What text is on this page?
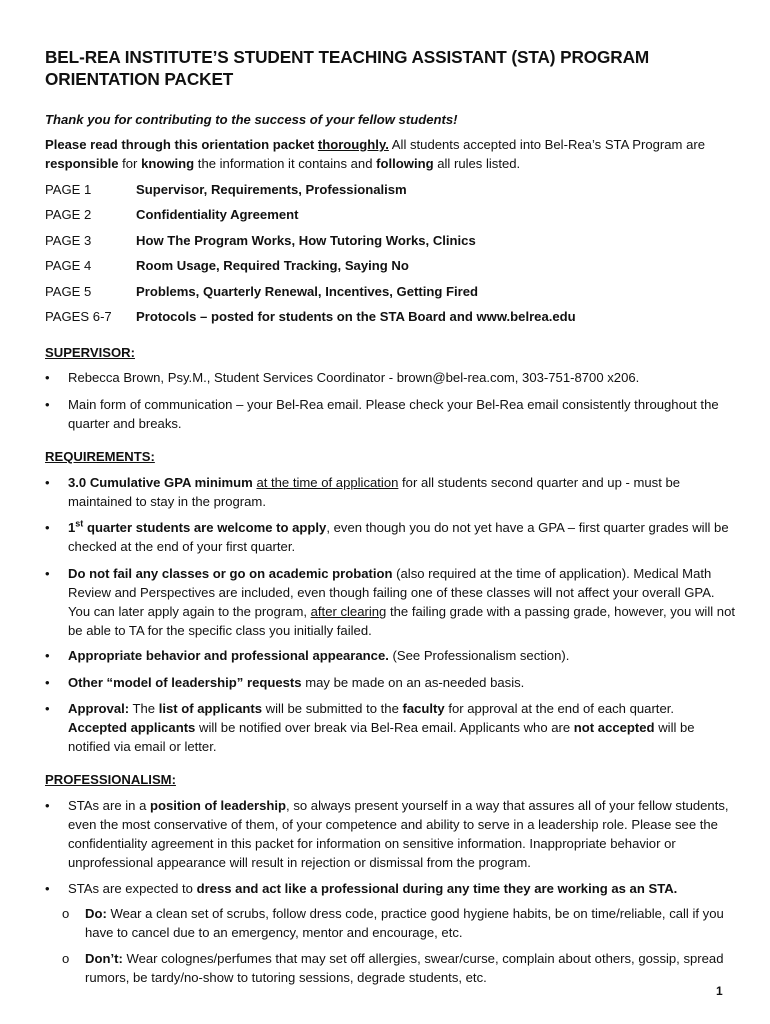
BEL-REA INSTITUTE’S STUDENT TEACHING ASSISTANT (STA) PROGRAM
ORIENTATION PACKET
Thank you for contributing to the success of your fellow students!
Please read through this orientation packet thoroughly. All students accepted into Bel-Rea’s STA Program are responsible for knowing the information it contains and following all rules listed.
PAGE 1	Supervisor, Requirements, Professionalism
PAGE 2	Confidentiality Agreement
PAGE 3	How The Program Works, How Tutoring Works, Clinics
PAGE 4	Room Usage, Required Tracking, Saying No
PAGE 5	Problems, Quarterly Renewal, Incentives, Getting Fired
PAGES 6-7 Protocols – posted for students on the STA Board and www.belrea.edu
SUPERVISOR:
•	Rebecca Brown, Psy.M., Student Services Coordinator - brown@bel-rea.com, 303-751-8700 x206.
•	Main form of communication – your Bel-Rea email. Please check your Bel-Rea email consistently throughout the quarter and breaks.
REQUIREMENTS:
•	3.0 Cumulative GPA minimum at the time of application for all students second quarter and up - must be maintained to stay in the program.
•	1st quarter students are welcome to apply, even though you do not yet have a GPA – first quarter grades will be checked at the end of your first quarter.
•	Do not fail any classes or go on academic probation (also required at the time of application). Medical Math Review and Perspectives are included, even though failing one of these classes will not affect your overall GPA. You can later apply again to the program, after clearing the failing grade with a passing grade, however, you will not be able to TA for the specific class you initially failed.
•	Appropriate behavior and professional appearance. (See Professionalism section).
•	Other “model of leadership” requests may be made on an as-needed basis.
•	Approval: The list of applicants will be submitted to the faculty for approval at the end of each quarter. Accepted applicants will be notified over break via Bel-Rea email. Applicants who are not accepted will be notified via email or letter.
PROFESSIONALISM:
•	STAs are in a position of leadership, so always present yourself in a way that assures all of your fellow students, even the most conservative of them, of your competence and ability to serve in a leadership role. Please see the confidentiality agreement in this packet for information on sensitive information. Inappropriate behavior or unprofessional appearance will result in rejection or dismissal from the program.
•	STAs are expected to dress and act like a professional during any time they are working as an STA.
o Do: Wear a clean set of scrubs, follow dress code, practice good hygiene habits, be on time/reliable, call if you have to cancel due to an emergency, mentor and encourage, etc.
o Don’t: Wear colognes/perfumes that may set off allergies, swear/curse, complain about others, gossip, spread rumors, be tardy/no-show to tutoring sessions, degrade students, etc.
1
